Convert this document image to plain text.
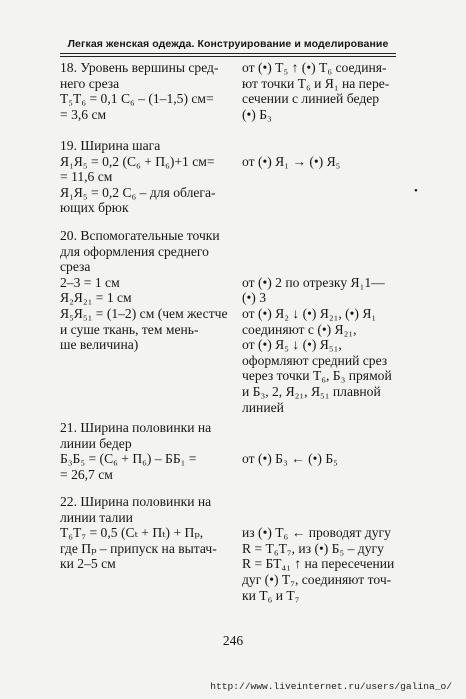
Легкая женская одежда. Конструирование и моделирование
18. Уровень вершины сред-
него среза
Т₅Т₆ = 0,1 С₆ – (1–1,5) см=
= 3,6 см
от (•) Т₅ ↑ (•) Т₆ соединя-
ют точки Т₆ и Я₁ на пере-
сечении с линией бедер
(•) Б₃
19. Ширина шага
Я₁Я₅ = 0,2 (С₆ + П₆)+1 см=
= 11,6 см
Я₁Я₅ = 0,2 С₆ – для облега-
ющих брюк

от (•) Я₁ → (•) Я₅
20. Вспомогательные точки
для оформления среднего
среза
2–3 = 1 см
Я₂Я₂₁ = 1 см
Я₅Я₅₁ = (1–2) см (чем жестче
и суше ткань, тем мень-
ше величина)

от (•) 2 по отрезку Я₁1—
(•) 3
от (•) Я₂ ↓ (•) Я₂₁, (•) Я₁
соединяют с (•) Я₂₁,
от (•) Я₅ ↓ (•) Я₅₁,
оформляют средний срез
через точки Т₆, Б₃ прямой
и Б₃, 2, Я₂₁, Я₅₁ плавной
линией
21. Ширина половинки на
линии бедер
Б₃Б₅ = (С₆ + П₆) – ББ₁ =
= 26,7 см

от (•) Б₃ ← (•) Б₅
22. Ширина половинки на
линии талии
Т₆Т₇ = 0,5 (Сₜ + Пₜ) + Пₚ,
где Пₚ – припуск на вытач-
ки 2–5 см

из (•) Т₆ ← проводят дугу
R = Т₆Т₇, из (•) Б₅ – дугу
R = БТ₄₁ ↑ на пересечении
дуг (•) Т₇, соединяют точ-
ки Т₆ и Т₇
•
246
http://www.liveinternet.ru/users/galina_o/
